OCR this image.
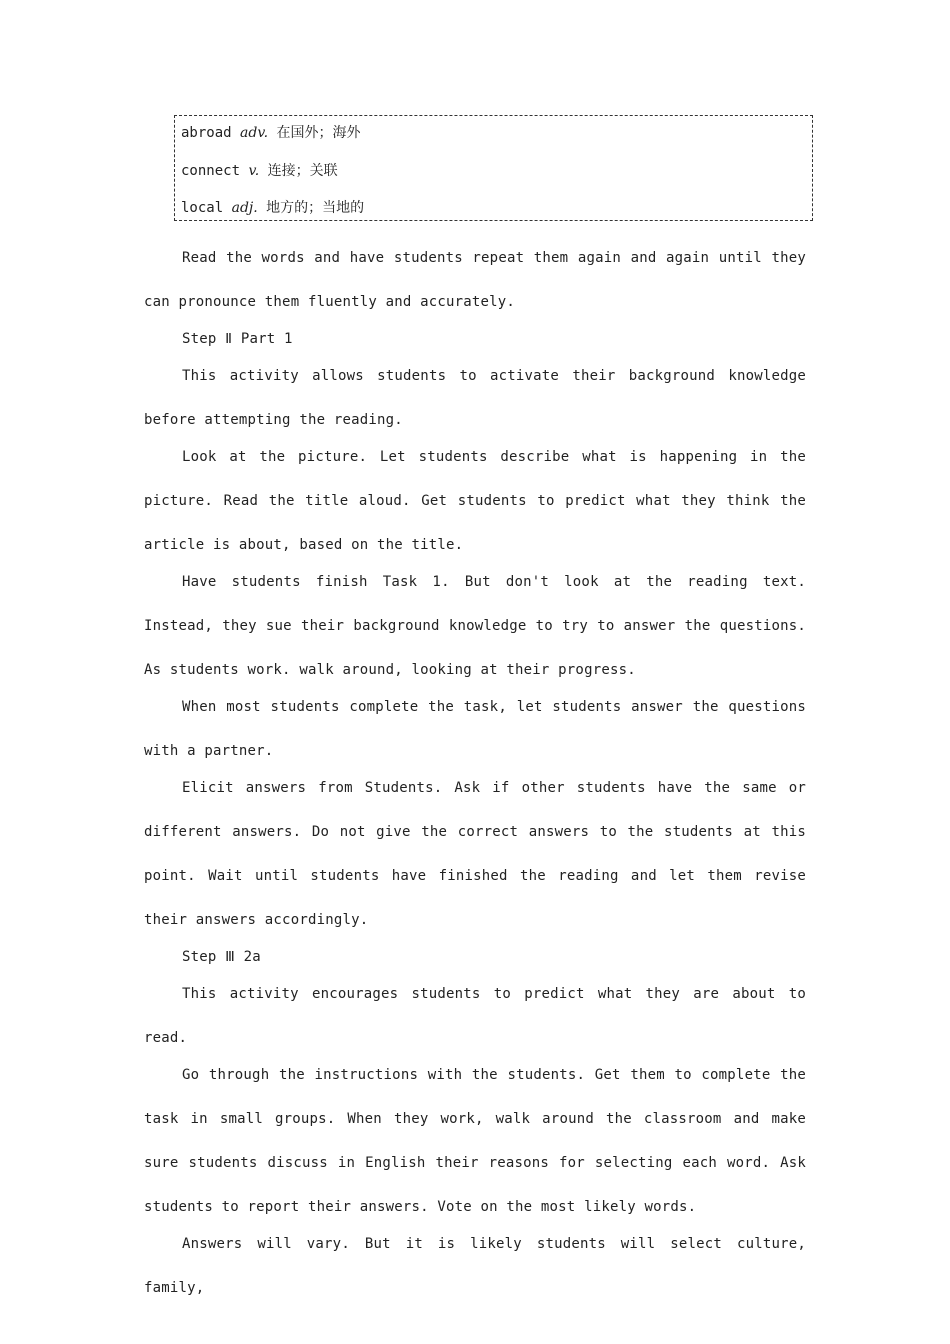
abroad adv. 在国外；海外
connect v. 连接；关联
local adj. 地方的；当地的

Read the words and have students repeat them again and again until they can pronounce them fluently and accurately.

Step Ⅱ Part 1

This activity allows students to activate their background knowledge before attempting the reading.

Look at the picture. Let students describe what is happening in the picture. Read the title aloud. Get students to predict what they think the article is about, based on the title.

Have students finish Task 1. But don't look at the reading text. Instead, they sue their background knowledge to try to answer the questions. As students work. walk around, looking at their progress.

When most students complete the task, let students answer the questions with a partner.

Elicit answers from Students. Ask if other students have the same or different answers. Do not give the correct answers to the students at this point. Wait until students have finished the reading and let them revise their answers accordingly.

Step Ⅲ 2a

This activity encourages students to predict what they are about to read.

Go through the instructions with the students. Get them to complete the task in small groups. When they work, walk around the classroom and make sure students discuss in English their reasons for selecting each word. Ask students to report their answers. Vote on the most likely words.

Answers will vary. But it is likely students will select culture, family,
